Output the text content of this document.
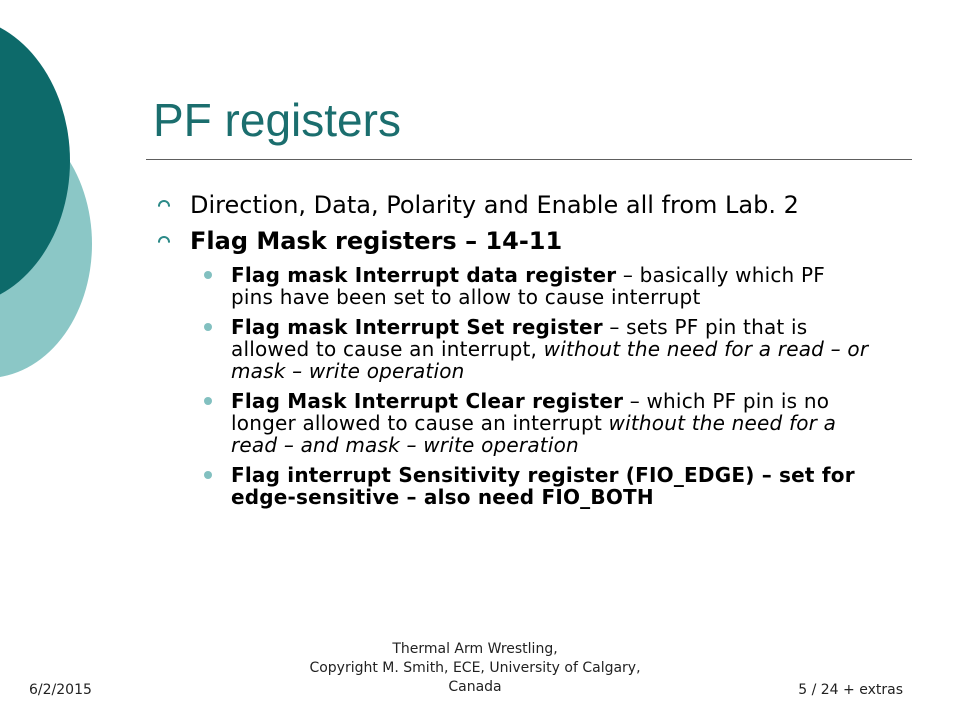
PF registers
Direction, Data, Polarity and Enable all from Lab. 2
Flag Mask registers – 14-11
Flag mask Interrupt data register – basically which PF pins have been set to allow to cause interrupt
Flag mask Interrupt Set register – sets PF pin that is allowed to cause an interrupt, without the need for a read – or mask – write operation
Flag Mask Interrupt Clear register – which PF pin is no longer allowed to cause an interrupt without the need for a read – and mask – write operation
Flag interrupt Sensitivity register (FIO_EDGE) – set for edge-sensitive – also need FIO_BOTH
6/2/2015
Thermal Arm Wrestling,
Copyright M. Smith, ECE, University of Calgary,
Canada	5 / 24 + extras
